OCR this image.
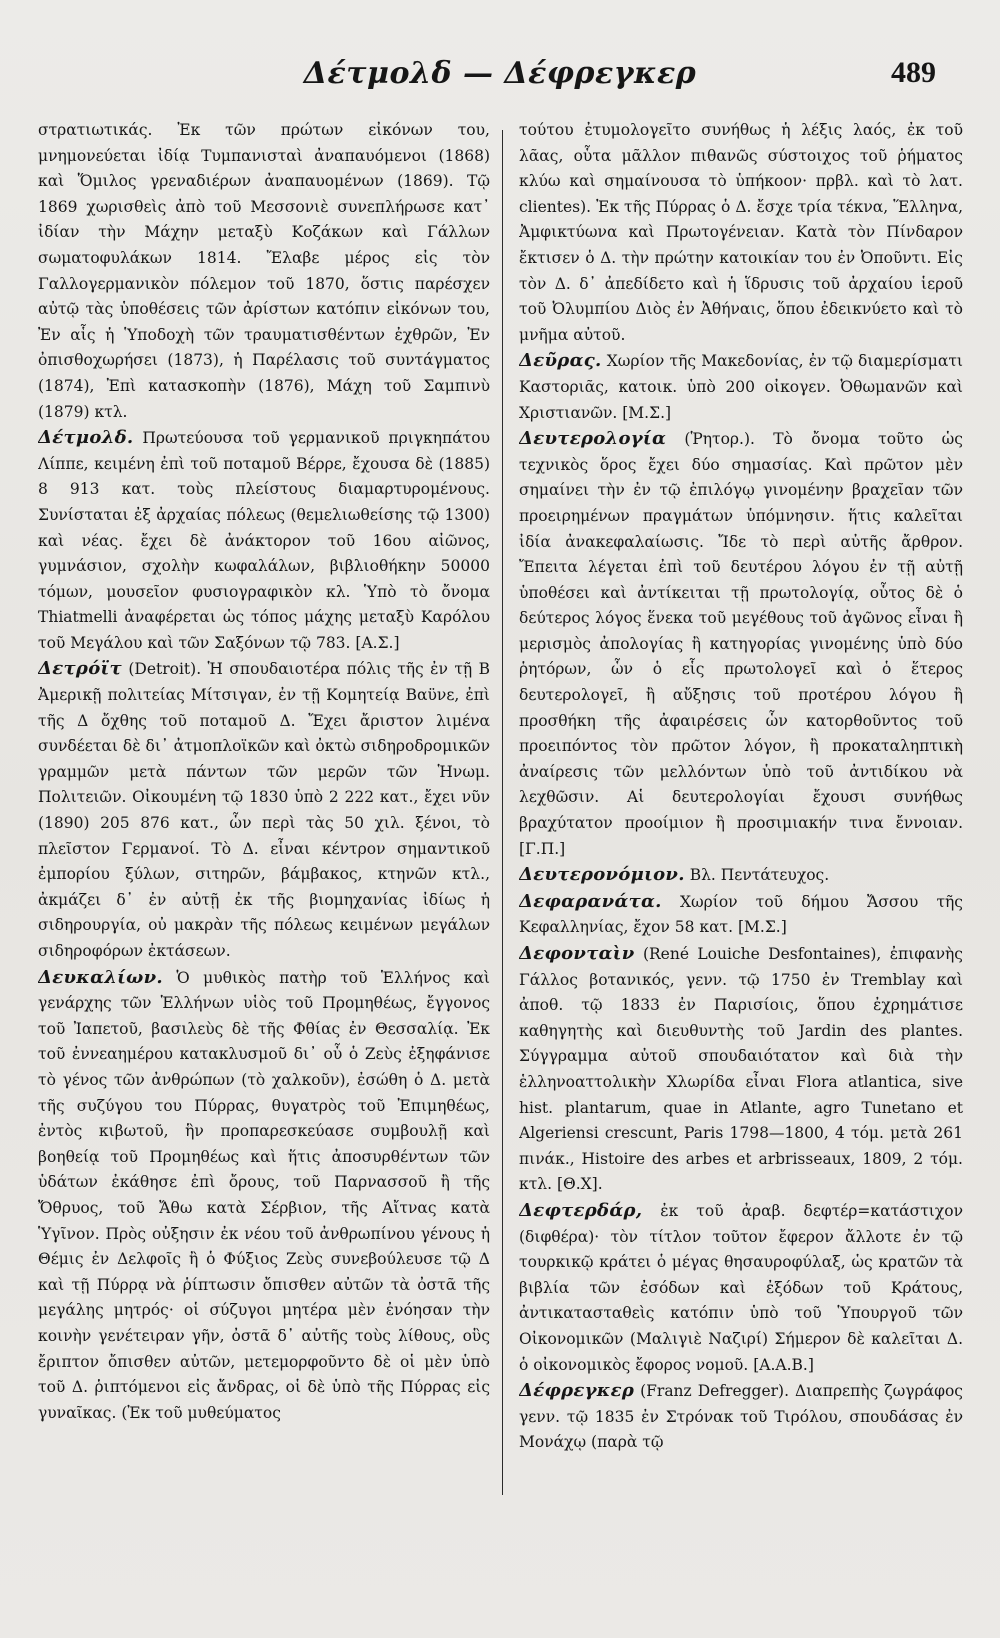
Δέτμολδ — Δέφρεγκερ	489

στρατιωτικάς. Ἐκ τῶν πρώτων εἰκόνων του, μνημονεύεται ἰδίᾳ Τυμπανισταὶ ἀναπαυόμενοι (1868) καὶ Ὅμιλος γρεναδιέρων ἀναπαυομένων (1869). Τῷ 1869 χωρισθεὶς ἀπὸ τοῦ Μεσσονιὲ συνεπλήρωσε κατ᾽ ἰδίαν τὴν Μάχην μεταξὺ Κοζάκων καὶ Γάλλων σωματοφυλάκων 1814. Ἔλαβε μέρος εἰς τὸν Γαλλογερμανικὸν πόλεμον τοῦ 1870, ὅστις παρέσχεν αὐτῷ τὰς ὑποθέσεις τῶν ἀρίστων κατόπιν εἰκόνων του, Ἐν αἷς ἡ Ὑποδοχὴ τῶν τραυματισθέντων ἐχθρῶν, Ἐν ὀπισθοχωρήσει (1873), ἡ Παρέλασις τοῦ συντάγματος (1874), Ἐπὶ κατασκοπὴν (1876), Μάχη τοῦ Σαμπινὺ (1879) κτλ.

Δέτμολδ. Πρωτεύουσα τοῦ γερμανικοῦ πριγκηπάτου Λίππε, κειμένη ἐπὶ τοῦ ποταμοῦ Βέρρε, ἔχουσα δὲ (1885) 8 913 κατ. τοὺς πλείστους διαμαρτυρομένους. Συνίσταται ἐξ ἀρχαίας πόλεως (θεμελιωθείσης τῷ 1300) καὶ νέας. ἔχει δὲ ἀνάκτορον τοῦ 16ου αἰῶνος, γυμνάσιον, σχολὴν κωφαλάλων, βιβλιοθήκην 50000 τόμων, μουσεῖον φυσιογραφικὸν κλ. Ὑπὸ τὸ ὄνομα Thiatmelli ἀναφέρεται ὡς τόπος μάχης μεταξὺ Καρόλου τοῦ Μεγάλου καὶ τῶν Σαξόνων τῷ 783. [Α.Σ.]

Δετρόϊτ (Detroit). Ἡ σπουδαιοτέρα πόλις τῆς ἐν τῇ Β Ἀμερικῇ πολιτείας Μίτσιγαν, ἐν τῇ Κομητείᾳ Βαϋνε, ἐπὶ τῆς Δ ὄχθης τοῦ ποταμοῦ Δ. Ἔχει ἄριστον λιμένα συνδέεται δὲ δι᾽ ἀτμοπλοϊκῶν καὶ ὀκτὼ σιδηροδρομικῶν γραμμῶν μετὰ πάντων τῶν μερῶν τῶν Ἡνωμ. Πολιτειῶν. Οἰκουμένη τῷ 1830 ὑπὸ 2 222 κατ., ἔχει νῦν (1890) 205 876 κατ., ὧν περὶ τὰς 50 χιλ. ξένοι, τὸ πλεῖστον Γερμανοί. Τὸ Δ. εἶναι κέντρον σημαντικοῦ ἐμπορίου ξύλων, σιτηρῶν, βάμβακος, κτηνῶν κτλ., ἀκμάζει δ᾽ ἐν αὐτῇ ἐκ τῆς βιομηχανίας ἰδίως ἡ σιδηρουργία, οὐ μακρὰν τῆς πόλεως κειμένων μεγάλων σιδηροφόρων ἐκτάσεων.

Δευκαλίων. Ὁ μυθικὸς πατὴρ τοῦ Ἑλλήνος καὶ γενάρχης τῶν Ἑλλήνων υἱὸς τοῦ Προμηθέως, ἔγγονος τοῦ Ἰαπετοῦ, βασιλεὺς δὲ τῆς Φθίας ἐν Θεσσαλίᾳ. Ἐκ τοῦ ἐννεαημέρου κατακλυσμοῦ δι᾽ οὗ ὁ Ζεὺς ἐξηφάνισε τὸ γένος τῶν ἀνθρώπων (τὸ χαλκοῦν), ἐσώθη ὁ Δ. μετὰ τῆς συζύγου του Πύρρας, θυγατρὸς τοῦ Ἐπιμηθέως, ἐντὸς κιβωτοῦ, ἣν προπαρεσκεύασε συμβουλῇ καὶ βοηθείᾳ τοῦ Προμηθέως καὶ ἥτις ἀποσυρθέντων τῶν ὑδάτων ἐκάθησε ἐπὶ ὄρους, τοῦ Παρνασσοῦ ἢ τῆς Ὄθρυος, τοῦ Ἄθω κατὰ Σέρβιον, τῆς Αἴτνας κατὰ Ὑγῖνον. Πρὸς οὐξησιν ἐκ νέου τοῦ ἀνθρωπίνου γένους ἡ Θέμις ἐν Δελφοῖς ἢ ὁ Φύξιος Ζεὺς συνεβούλευσε τῷ Δ καὶ τῇ Πύρρᾳ νὰ ῥίπτωσιν ὄπισθεν αὐτῶν τὰ ὀστᾶ τῆς μεγάλης μητρός· οἱ σύζυγοι μητέρα μὲν ἐνόησαν τὴν κοινὴν γενέτειραν γῆν, ὀστᾶ δ᾽ αὐτῆς τοὺς λίθους, οὓς ἔριπτον ὄπισθεν αὐτῶν, μετεμορφοῦντο δὲ οἱ μὲν ὑπὸ τοῦ Δ. ῥιπτόμενοι εἰς ἄνδρας, οἱ δὲ ὑπὸ τῆς Πύρρας εἰς γυναῖκας. (Ἐκ τοῦ μυθεύματος

τούτου ἐτυμολογεῖτο συνήθως ἡ λέξις λαός, ἐκ τοῦ λᾶας, οὗτα μᾶλλον πιθανῶς σύστοιχος τοῦ ῥήματος κλύω καὶ σημαίνουσα τὸ ὑπήκοον· πρβλ. καὶ τὸ λατ. clientes). Ἐκ τῆς Πύρρας ὁ Δ. ἔσχε τρία τέκνα, Ἕλληνα, Ἀμφικτύωνα καὶ Πρωτογένειαν. Κατὰ τὸν Πίνδαρον ἔκτισεν ὁ Δ. τὴν πρώτην κατοικίαν του ἐν Ὀποῦντι. Εἰς τὸν Δ. δ᾽ ἀπεδίδετο καὶ ἡ ἵδρυσις τοῦ ἀρχαίου ἱεροῦ τοῦ Ὀλυμπίου Διὸς ἐν Ἀθήναις, ὅπου ἐδεικνύετο καὶ τὸ μνῆμα αὐτοῦ.

Δεῦρας. Χωρίον τῆς Μακεδονίας, ἐν τῷ διαμερίσματι Καστοριᾶς, κατοικ. ὑπὸ 200 οἰκογεν. Ὀθωμανῶν καὶ Χριστιανῶν. [Μ.Σ.]

Δευτερολογία (Ῥητορ.). Τὸ ὄνομα τοῦτο ὡς τεχνικὸς ὅρος ἔχει δύο σημασίας. Καὶ πρῶτον μὲν σημαίνει τὴν ἐν τῷ ἐπιλόγῳ γινομένην βραχεῖαν τῶν προειρημένων πραγμάτων ὑπόμνησιν. ἥτις καλεῖται ἰδία ἀνακεφαλαίωσις. Ἴδε τὸ περὶ αὐτῆς ἄρθρον. Ἔπειτα λέγεται ἐπὶ τοῦ δευτέρου λόγου ἐν τῇ αὐτῇ ὑποθέσει καὶ ἀντίκειται τῇ πρωτολογίᾳ, οὗτος δὲ ὁ δεύτερος λόγος ἕνεκα τοῦ μεγέθους τοῦ ἀγῶνος εἶναι ἢ μερισμὸς ἀπολογίας ἢ κατηγορίας γινομένης ὑπὸ δύο ῥητόρων, ὧν ὁ εἷς πρωτολογεῖ καὶ ὁ ἕτερος δευτερολογεῖ, ἢ αὔξησις τοῦ προτέρου λόγου ἢ προσθήκη τῆς ἀφαιρέσεις ὧν κατορθοῦντος τοῦ προειπόντος τὸν πρῶτον λόγον, ἢ προκαταληπτικὴ ἀναίρεσις τῶν μελλόντων ὑπὸ τοῦ ἀντιδίκου νὰ λεχθῶσιν. Αἱ δευτερολογίαι ἔχουσι συνήθως βραχύτατον προοίμιον ἢ προσιμιακήν τινα ἔννοιαν. [Γ.Π.]

Δευτερονόμιον. Βλ. Πεντάτευχος.

Δεφαρανάτα. Χωρίον τοῦ δήμου Ἄσσου τῆς Κεφαλληνίας, ἔχον 58 κατ. [Μ.Σ.]

Δεφονταὶν (René Louiche Desfontaines), ἐπιφανὴς Γάλλος βοτανικός, γενν. τῷ 1750 ἐν Tremblay καὶ ἀποθ. τῷ 1833 ἐν Παρισίοις, ὅπου ἐχρημάτισε καθηγητὴς καὶ διευθυντὴς τοῦ Jardin des plantes. Σύγγραμμα αὐτοῦ σπουδαιότατον καὶ διὰ τὴν ἑλληνοαττολικὴν Χλωρίδα εἶναι Flora atlantica, sive hist. plantarum, quae in Atlante, agro Tunetano et Algeriensi crescunt, Paris 1798—1800, 4 τόμ. μετὰ 261 πινάκ., Histoire des arbes et arbrisseaux, 1809, 2 τόμ. κτλ. [Θ.Χ].

Δεφτερδάρ, ἐκ τοῦ ἀραβ. δεφτέρ=κατάστιχον (διφθέρα)· τὸν τίτλον τοῦτον ἔφερον ἄλλοτε ἐν τῷ τουρκικῷ κράτει ὁ μέγας θησαυροφύλαξ, ὡς κρατῶν τὰ βιβλία τῶν ἐσόδων καὶ ἐξόδων τοῦ Κράτους, ἀντικατασταθεὶς κατόπιν ὑπὸ τοῦ Ὑπουργοῦ τῶν Οἰκονομικῶν (Μαλιγιὲ Ναζιρί) Σήμερον δὲ καλεῖται Δ. ὁ οἰκονομικὸς ἔφορος νομοῦ. [Α.Α.Β.]

Δέφρεγκερ (Franz Defregger). Διαπρεπὴς ζωγράφος γενν. τῷ 1835 ἐν Στρόνακ τοῦ Τιρόλου, σπουδάσας ἐν Μονάχῳ (παρὰ τῷ
